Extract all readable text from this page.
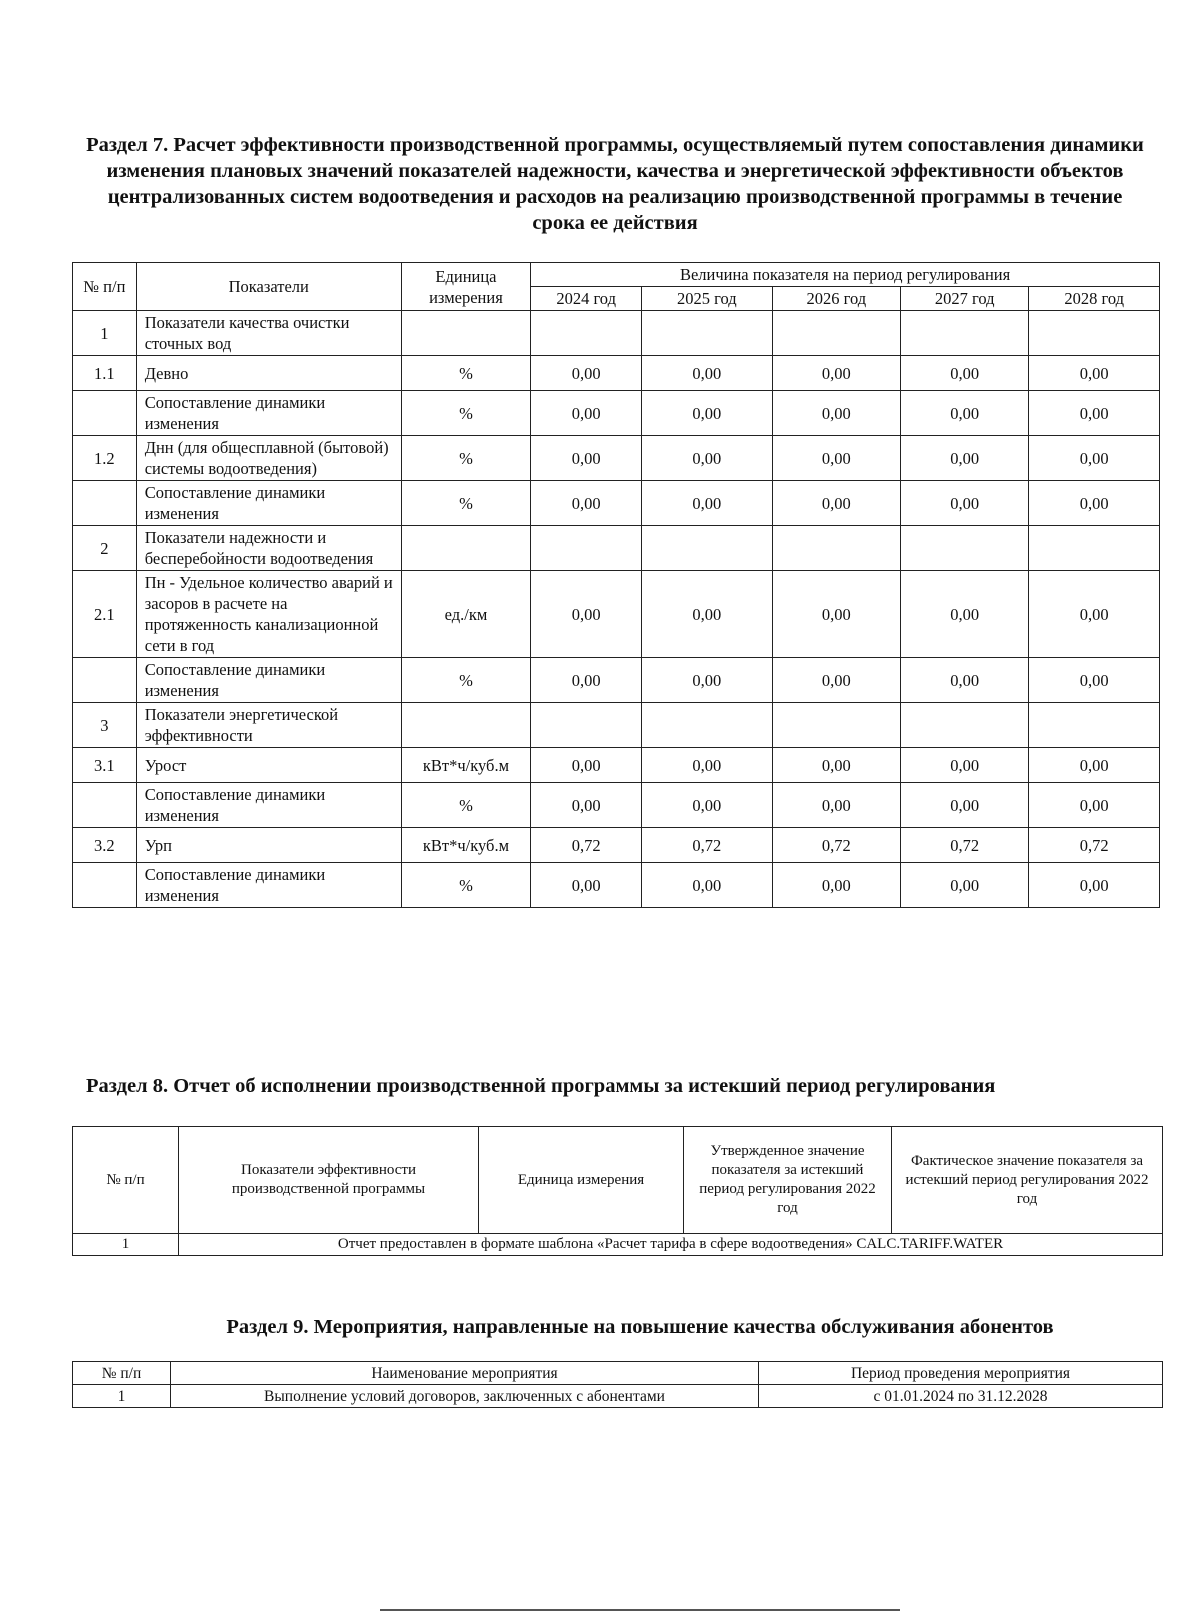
Раздел 7. Расчет эффективности производственной программы, осуществляемый путем сопоставления динамики изменения плановых значений показателей надежности, качества и энергетической эффективности объектов централизованных систем водоотведения и расходов на реализацию производственной программы в течение срока ее действия
№ п/п	Показатели	Единица измерения	Величина показателя на период регулирования				
			2024 год	2025 год	2026 год	2027 год	2028 год
1	Показатели качества очистки сточных вод						
1.1	Девно	%	0,00	0,00	0,00	0,00	0,00
	Сопоставление динамики изменения	%	0,00	0,00	0,00	0,00	0,00
1.2	Днн (для общесплавной (бытовой) системы водоотведения)	%	0,00	0,00	0,00	0,00	0,00
	Сопоставление динамики изменения	%	0,00	0,00	0,00	0,00	0,00
2	Показатели надежности и бесперебойности водоотведения						
2.1	Пн - Удельное количество аварий и засоров в расчете на протяженность канализационной сети в год	ед./км	0,00	0,00	0,00	0,00	0,00
	Сопоставление динамики изменения	%	0,00	0,00	0,00	0,00	0,00
3	Показатели энергетической эффективности						
3.1	Урост	кВт*ч/куб.м	0,00	0,00	0,00	0,00	0,00
	Сопоставление динамики изменения	%	0,00	0,00	0,00	0,00	0,00
3.2	Урп	кВт*ч/куб.м	0,72	0,72	0,72	0,72	0,72
	Сопоставление динамики изменения	%	0,00	0,00	0,00	0,00	0,00
Раздел 8. Отчет об исполнении производственной программы за истекший период регулирования
№ п/п	Показатели эффективности производственной программы	Единица измерения	Утвержденное значение показателя за истекший период регулирования 2022 год	Фактическое значение показателя за истекший период регулирования 2022 год
1	Отчет предоставлен в формате шаблона «Расчет тарифа в сфере водоотведения» CALC.TARIFF.WATER			
Раздел 9. Мероприятия, направленные на повышение качества обслуживания абонентов
№ п/п	Наименование мероприятия	Период проведения мероприятия
1	Выполнение условий договоров, заключенных с абонентами	с 01.01.2024 по 31.12.2028
